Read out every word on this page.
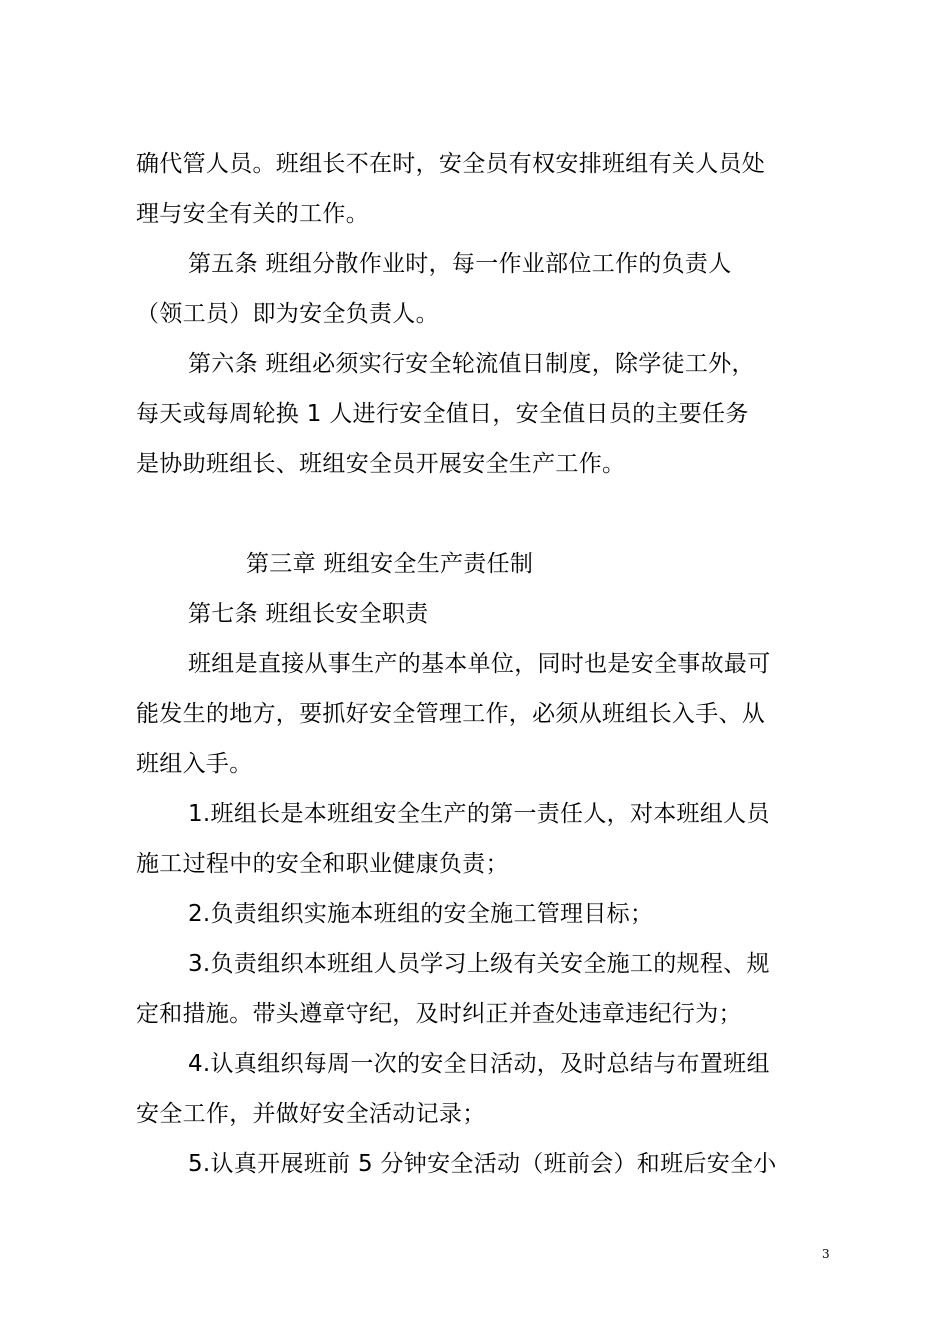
确代管人员。班组长不在时，安全员有权安排班组有关人员处
理与安全有关的工作。
第五条 班组分散作业时，每一作业部位工作的负责人
（领工员）即为安全负责人。
第六条 班组必须实行安全轮流值日制度，除学徒工外，
每天或每周轮换 1 人进行安全值日，安全值日员的主要任务
是协助班组长、班组安全员开展安全生产工作。
第三章 班组安全生产责任制
第七条 班组长安全职责
班组是直接从事生产的基本单位，同时也是安全事故最可
能发生的地方，要抓好安全管理工作，必须从班组长入手、从
班组入手。
1.班组长是本班组安全生产的第一责任人，对本班组人员
施工过程中的安全和职业健康负责；
2.负责组织实施本班组的安全施工管理目标；
3.负责组织本班组人员学习上级有关安全施工的规程、规
定和措施。带头遵章守纪，及时纠正并查处违章违纪行为；
4.认真组织每周一次的安全日活动，及时总结与布置班组
安全工作，并做好安全活动记录；
5.认真开展班前 5 分钟安全活动（班前会）和班后安全小
3
